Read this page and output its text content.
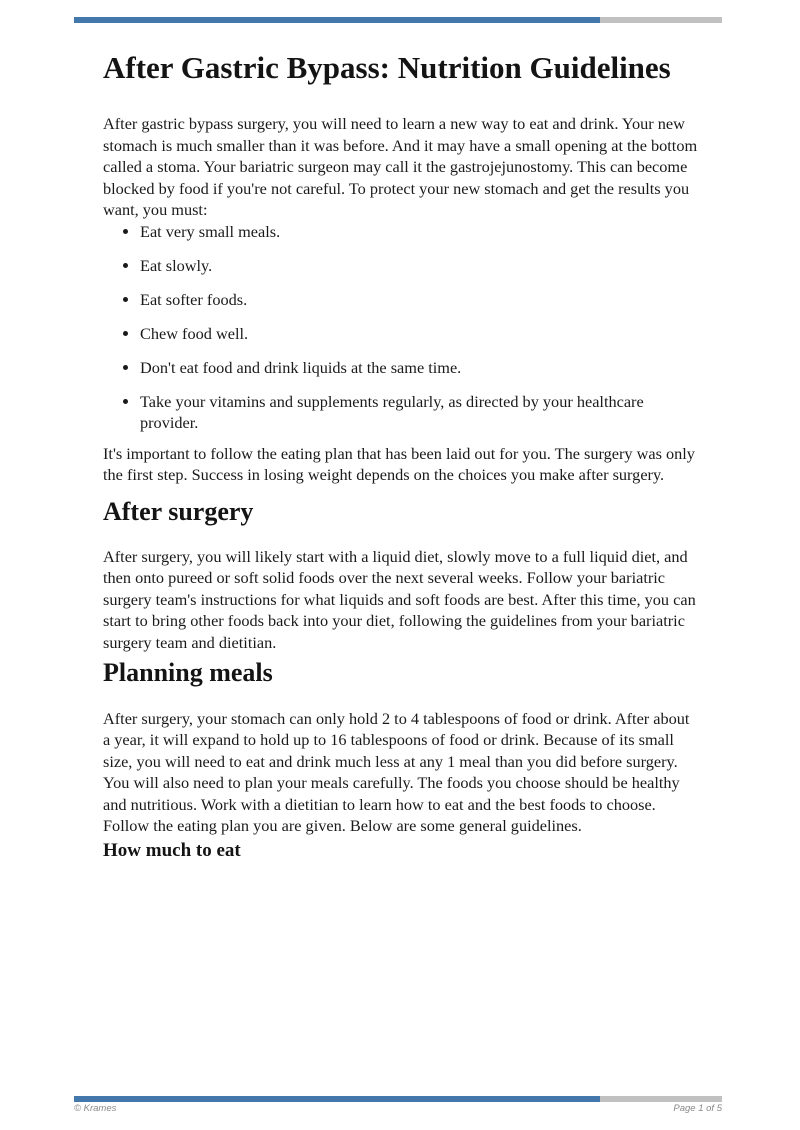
After Gastric Bypass: Nutrition Guidelines

After gastric bypass surgery, you will need to learn a new way to eat and drink. Your new stomach is much smaller than it was before. And it may have a small opening at the bottom called a stoma. Your bariatric surgeon may call it the gastrojejunostomy. This can become blocked by food if you're not careful. To protect your new stomach and get the results you want, you must:

• Eat very small meals.
• Eat slowly.
• Eat softer foods.
• Chew food well.
• Don't eat food and drink liquids at the same time.
• Take your vitamins and supplements regularly, as directed by your healthcare provider.

It's important to follow the eating plan that has been laid out for you. The surgery was only the first step. Success in losing weight depends on the choices you make after surgery.

After surgery

After surgery, you will likely start with a liquid diet, slowly move to a full liquid diet, and then onto pureed or soft solid foods over the next several weeks. Follow your bariatric surgery team's instructions for what liquids and soft foods are best. After this time, you can start to bring other foods back into your diet, following the guidelines from your bariatric surgery team and dietitian.

Planning meals

After surgery, your stomach can only hold 2 to 4 tablespoons of food or drink. After about a year, it will expand to hold up to 16 tablespoons of food or drink. Because of its small size, you will need to eat and drink much less at any 1 meal than you did before surgery. You will also need to plan your meals carefully. The foods you choose should be healthy and nutritious. Work with a dietitian to learn how to eat and the best foods to choose. Follow the eating plan you are given. Below are some general guidelines.

How much to eat
© Krames	Page 1 of 5
